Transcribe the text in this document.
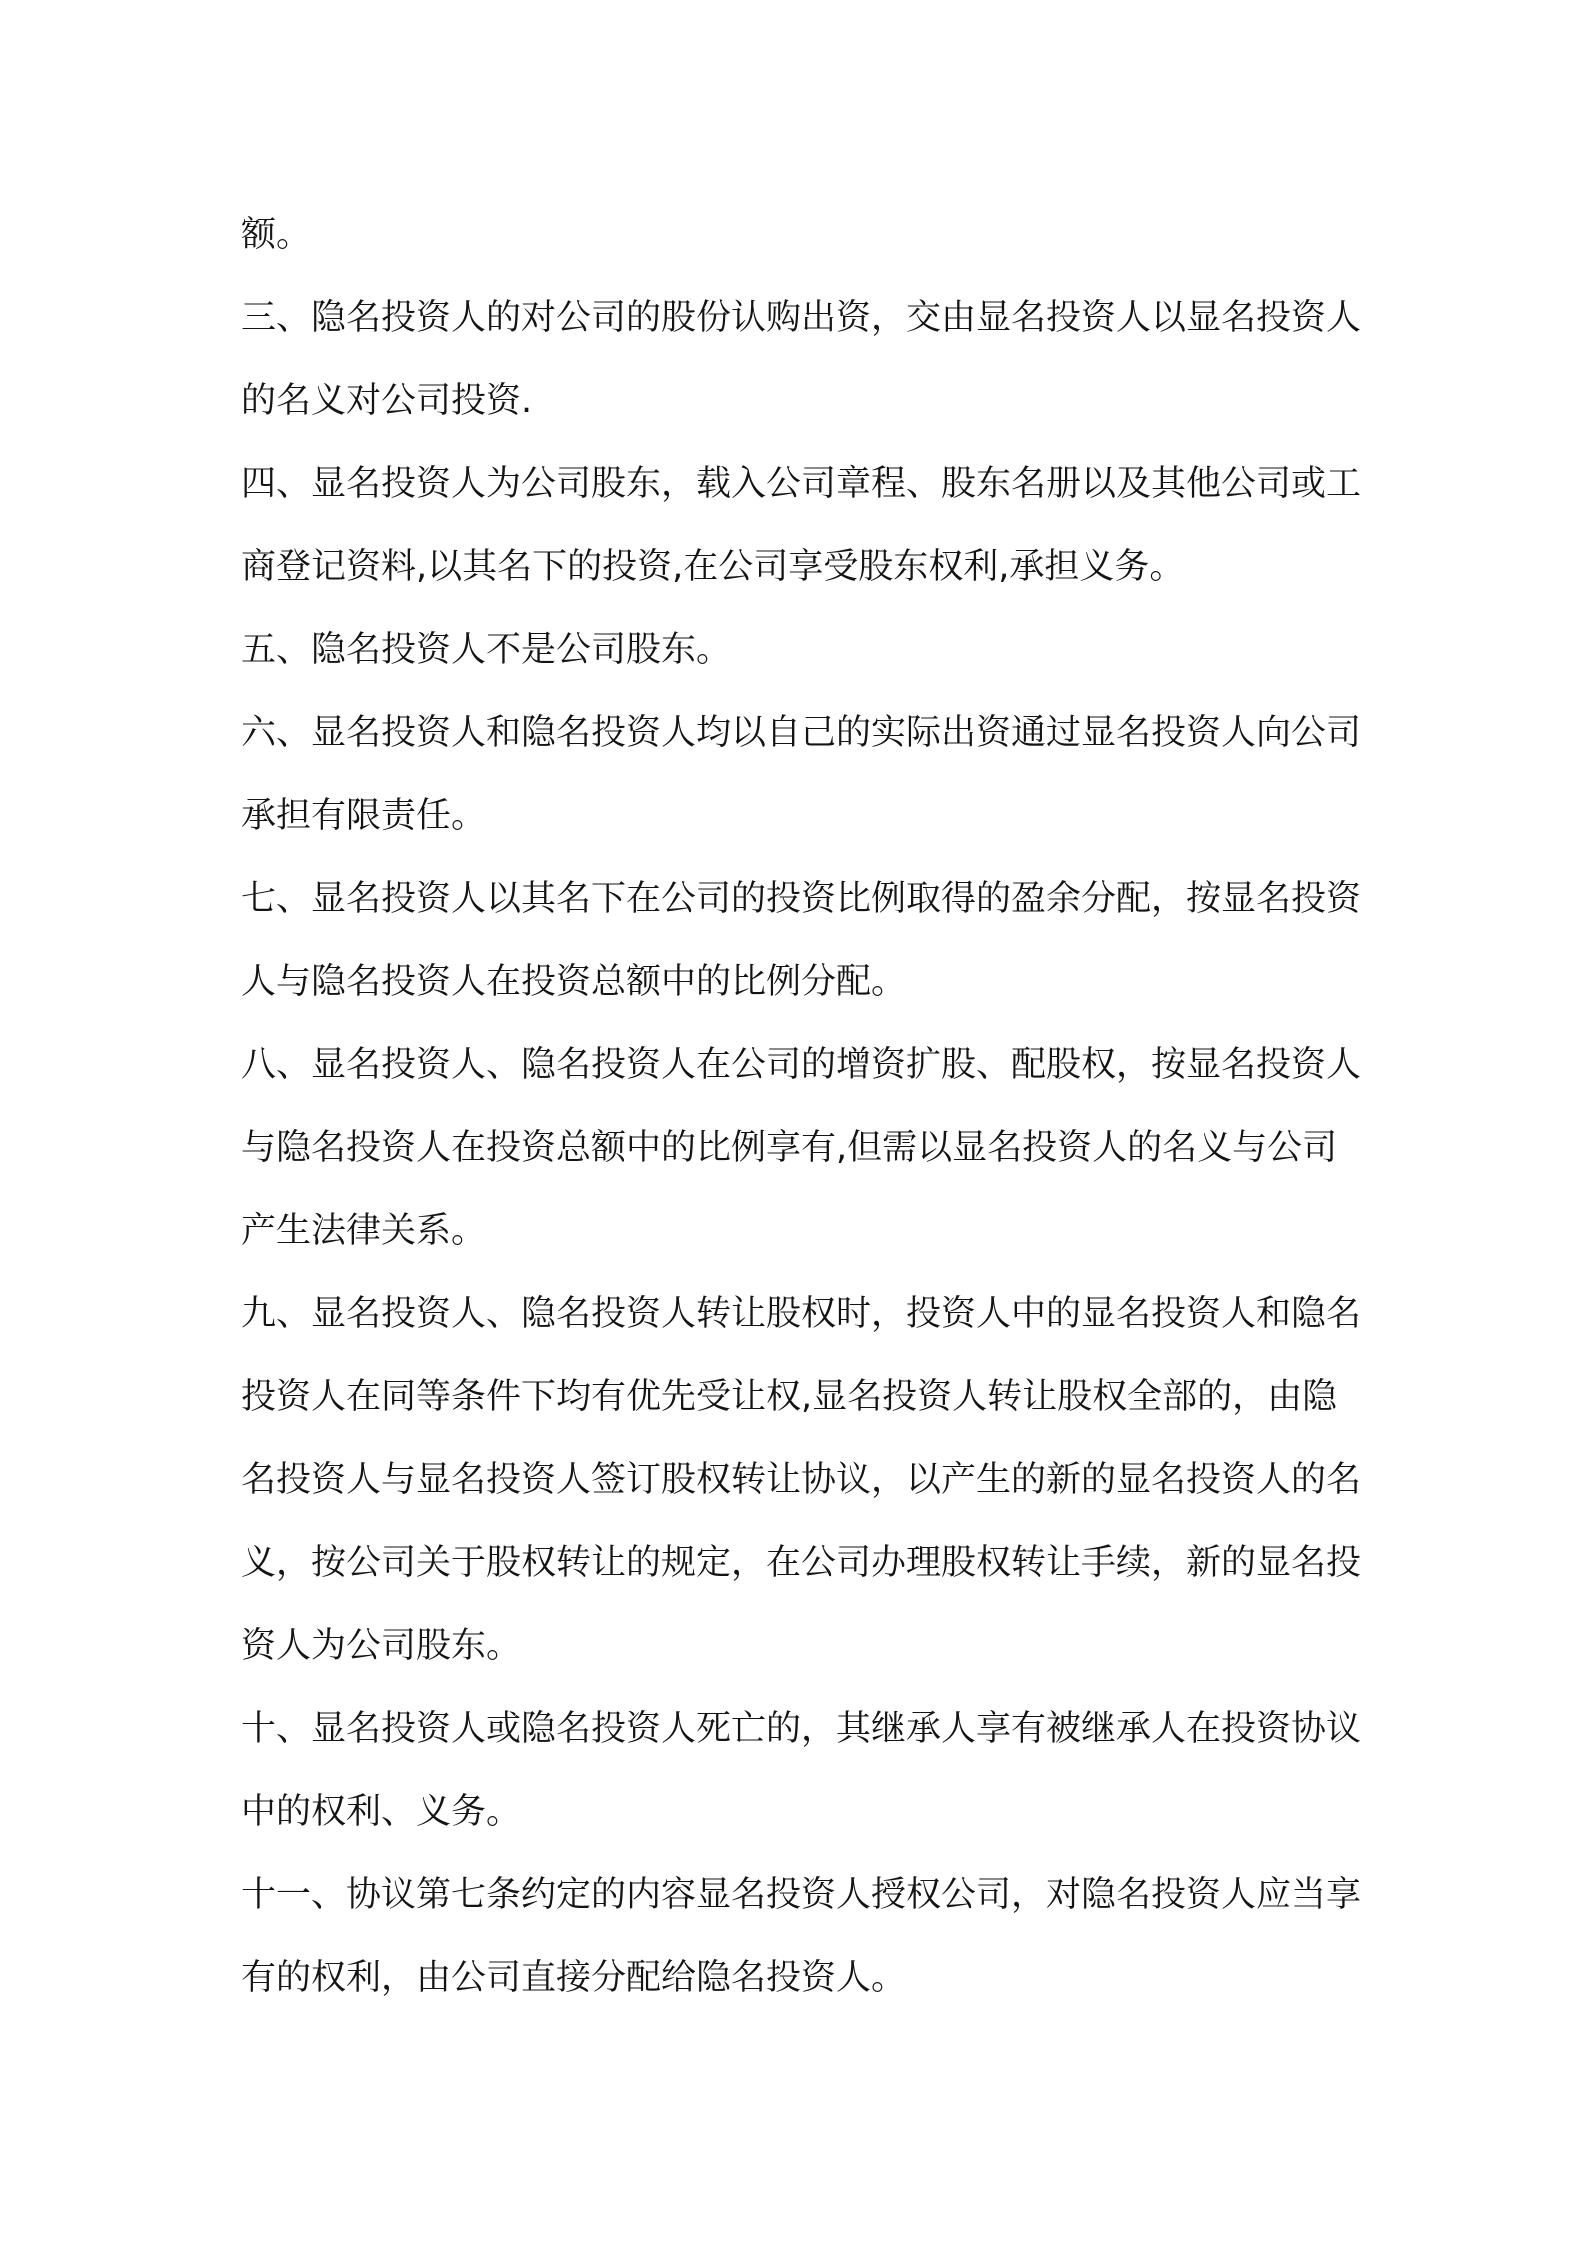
额。

三、隐名投资人的对公司的股份认购出资，交由显名投资人以显名投资人的名义对公司投资.

四、显名投资人为公司股东，载入公司章程、股东名册以及其他公司或工商登记资料,以其名下的投资,在公司享受股东权利,承担义务。

五、隐名投资人不是公司股东。

六、显名投资人和隐名投资人均以自己的实际出资通过显名投资人向公司承担有限责任。

七、显名投资人以其名下在公司的投资比例取得的盈余分配，按显名投资人与隐名投资人在投资总额中的比例分配。

八、显名投资人、隐名投资人在公司的增资扩股、配股权，按显名投资人与隐名投资人在投资总额中的比例享有,但需以显名投资人的名义与公司产生法律关系。

九、显名投资人、隐名投资人转让股权时，投资人中的显名投资人和隐名投资人在同等条件下均有优先受让权,显名投资人转让股权全部的，由隐名投资人与显名投资人签订股权转让协议，以产生的新的显名投资人的名义，按公司关于股权转让的规定，在公司办理股权转让手续，新的显名投资人为公司股东。

十、显名投资人或隐名投资人死亡的，其继承人享有被继承人在投资协议中的权利、义务。

十一、协议第七条约定的内容显名投资人授权公司，对隐名投资人应当享有的权利，由公司直接分配给隐名投资人。
